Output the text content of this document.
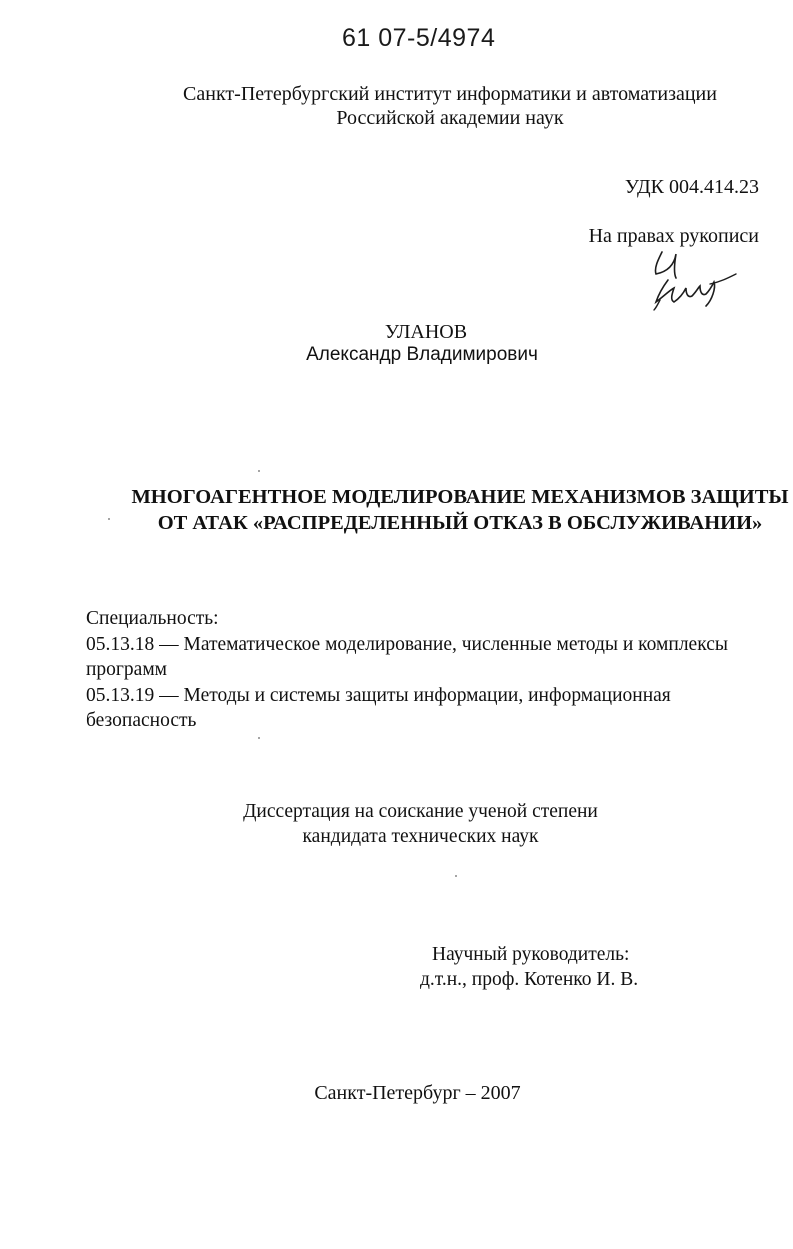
61 07-5/4974
Санкт-Петербургский институт информатики и автоматизации
Российской академии наук
УДК 004.414.23
На правах рукописи
УЛАНОВ
Александр Владимирович
МНОГОАГЕНТНОЕ МОДЕЛИРОВАНИЕ МЕХАНИЗМОВ ЗАЩИТЫ
ОТ АТАК «РАСПРЕДЕЛЕННЫЙ ОТКАЗ В ОБСЛУЖИВАНИИ»
Специальность:
05.13.18 — Математическое моделирование, численные методы и комплексы программ
05.13.19 — Методы и системы защиты информации, информационная безопасность
Диссертация на соискание ученой степени
кандидата технических наук
Научный руководитель:
д.т.н., проф. Котенко И. В.
Санкт-Петербург – 2007
